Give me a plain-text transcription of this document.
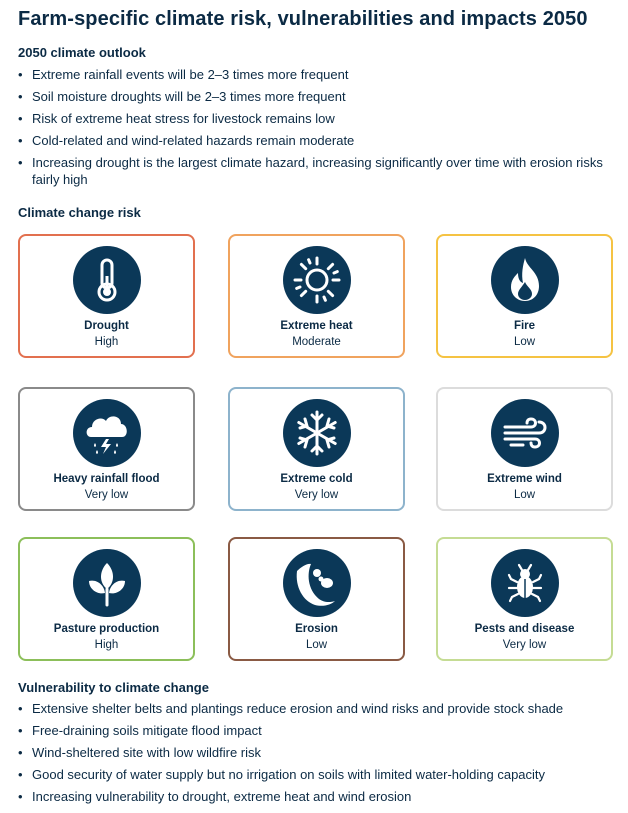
Farm-specific climate risk, vulnerabilities and impacts 2050
2050 climate outlook
• Extreme rainfall events will be 2–3 times more frequent
• Soil moisture droughts will be 2–3 times more frequent
• Risk of extreme heat stress for livestock remains low
• Cold-related and wind-related hazards remain moderate
• Increasing drought is the largest climate hazard, increasing significantly over time with erosion risks fairly high
Climate change risk
Drought
High
Extreme heat
Moderate
Fire
Low
Heavy rainfall flood
Very low
Extreme cold
Very low
Extreme wind
Low
Pasture production
High
Erosion
Low
Pests and disease
Very low
Vulnerability to climate change
• Extensive shelter belts and plantings reduce erosion and wind risks and provide stock shade
• Free-draining soils mitigate flood impact
• Wind-sheltered site with low wildfire risk
• Good security of water supply but no irrigation on soils with limited water-holding capacity
• Increasing vulnerability to drought, extreme heat and wind erosion
